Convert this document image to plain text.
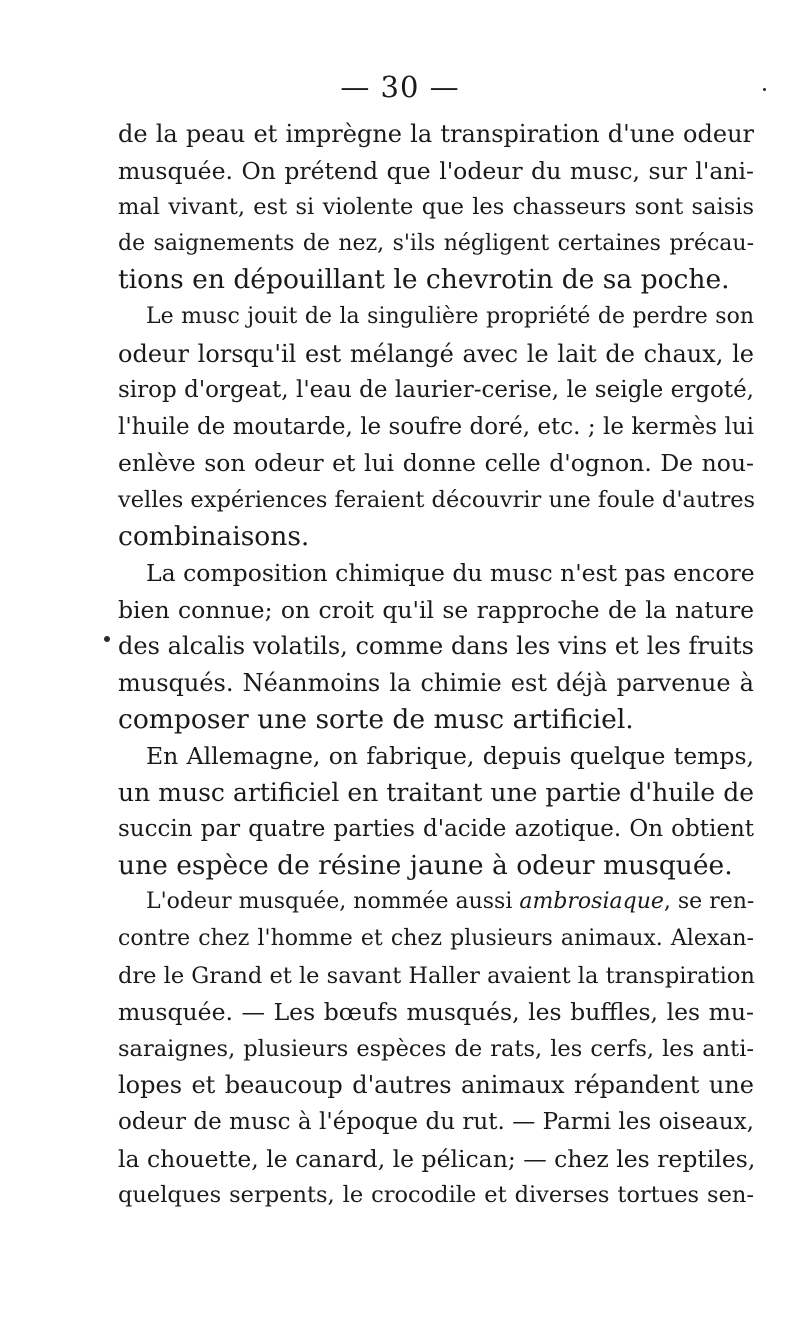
— 30 —
de la peau et imprègne la transpiration d'une odeur
musquée. On prétend que l'odeur du musc, sur l'ani-
mal vivant, est si violente que les chasseurs sont saisis
de saignements de nez, s'ils négligent certaines précau-
tions en dépouillant le chevrotin de sa poche.
Le musc jouit de la singulière propriété de perdre son
odeur lorsqu'il est mélangé avec le lait de chaux, le
sirop d'orgeat, l'eau de laurier-cerise, le seigle ergoté,
l'huile de moutarde, le soufre doré, etc. ; le kermès lui
enlève son odeur et lui donne celle d'ognon. De nou-
velles expériences feraient découvrir une foule d'autres
combinaisons.
La composition chimique du musc n'est pas encore
bien connue; on croit qu'il se rapproche de la nature
des alcalis volatils, comme dans les vins et les fruits
musqués. Néanmoins la chimie est déjà parvenue à
composer une sorte de musc artificiel.
En Allemagne, on fabrique, depuis quelque temps,
un musc artificiel en traitant une partie d'huile de
succin par quatre parties d'acide azotique. On obtient
une espèce de résine jaune à odeur musquée.
L'odeur musquée, nommée aussi ambrosiaque, se ren-
contre chez l'homme et chez plusieurs animaux. Alexan-
dre le Grand et le savant Haller avaient la transpiration
musquée. — Les bœufs musqués, les buffles, les mu-
saraignes, plusieurs espèces de rats, les cerfs, les anti-
lopes et beaucoup d'autres animaux répandent une
odeur de musc à l'époque du rut. — Parmi les oiseaux,
la chouette, le canard, le pélican; — chez les reptiles,
quelques serpents, le crocodile et diverses tortues sen-
